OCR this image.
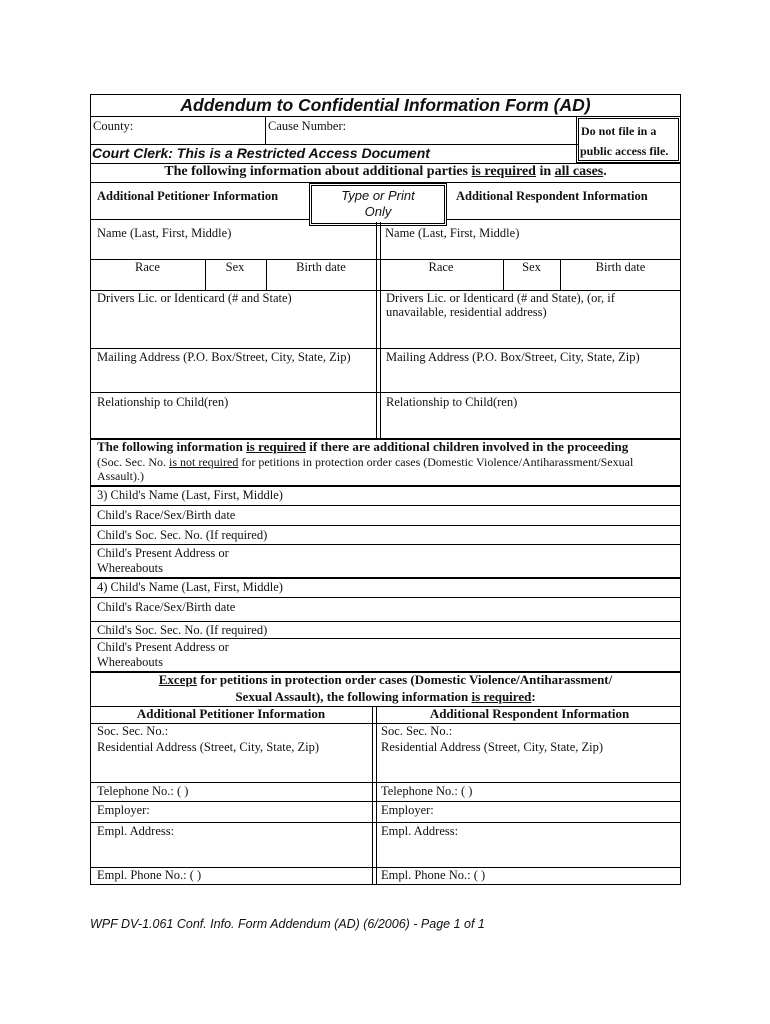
Addendum to Confidential Information Form (AD)
County:	Cause Number:	Do not file in a
public access file.
Court Clerk: This is a Restricted Access Document
The following information about additional parties is required in all cases.
Additional Petitioner Information	Type or Print
Only
Additional Respondent Information
Name (Last, First, Middle)	Name (Last, First, Middle)
Race	Sex	Birth date	Race	Sex	Birth date
Drivers Lic. or Identicard (# and State)	Drivers Lic. or Identicard (# and State), (or, if
unavailable, residential address)
Mailing Address (P.O. Box/Street, City, State, Zip)	Mailing Address (P.O. Box/Street, City, State, Zip)
Relationship to Child(ren)	Relationship to Child(ren)
The following information is required if there are additional children involved in the proceeding
(Soc. Sec. No. is not required for petitions in protection order cases (Domestic Violence/Antiharassment/Sexual
Assault).)
3) Child's Name (Last, First, Middle)
Child's Race/Sex/Birth date
Child's Soc. Sec. No. (If required)
Child's Present Address or
Whereabouts
4) Child's Name (Last, First, Middle)
Child's Race/Sex/Birth date
Child's Soc. Sec. No. (If required)
Child's Present Address or
Whereabouts
Except for petitions in protection order cases (Domestic Violence/Antiharassment/
Sexual Assault), the following information is required:
Additional Petitioner Information	Additional Respondent Information
Soc. Sec. No.:	Soc. Sec. No.:
Residential Address (Street, City, State, Zip)	Residential Address (Street, City, State, Zip)
Telephone No.: ( )	Telephone No.: ( )
Employer:	Employer:
Empl. Address:	Empl. Address:
Empl. Phone No.: ( )	Empl. Phone No.: ( )
WPF DV-1.061 Conf. Info. Form Addendum (AD) (6/2006) - Page 1 of 1
